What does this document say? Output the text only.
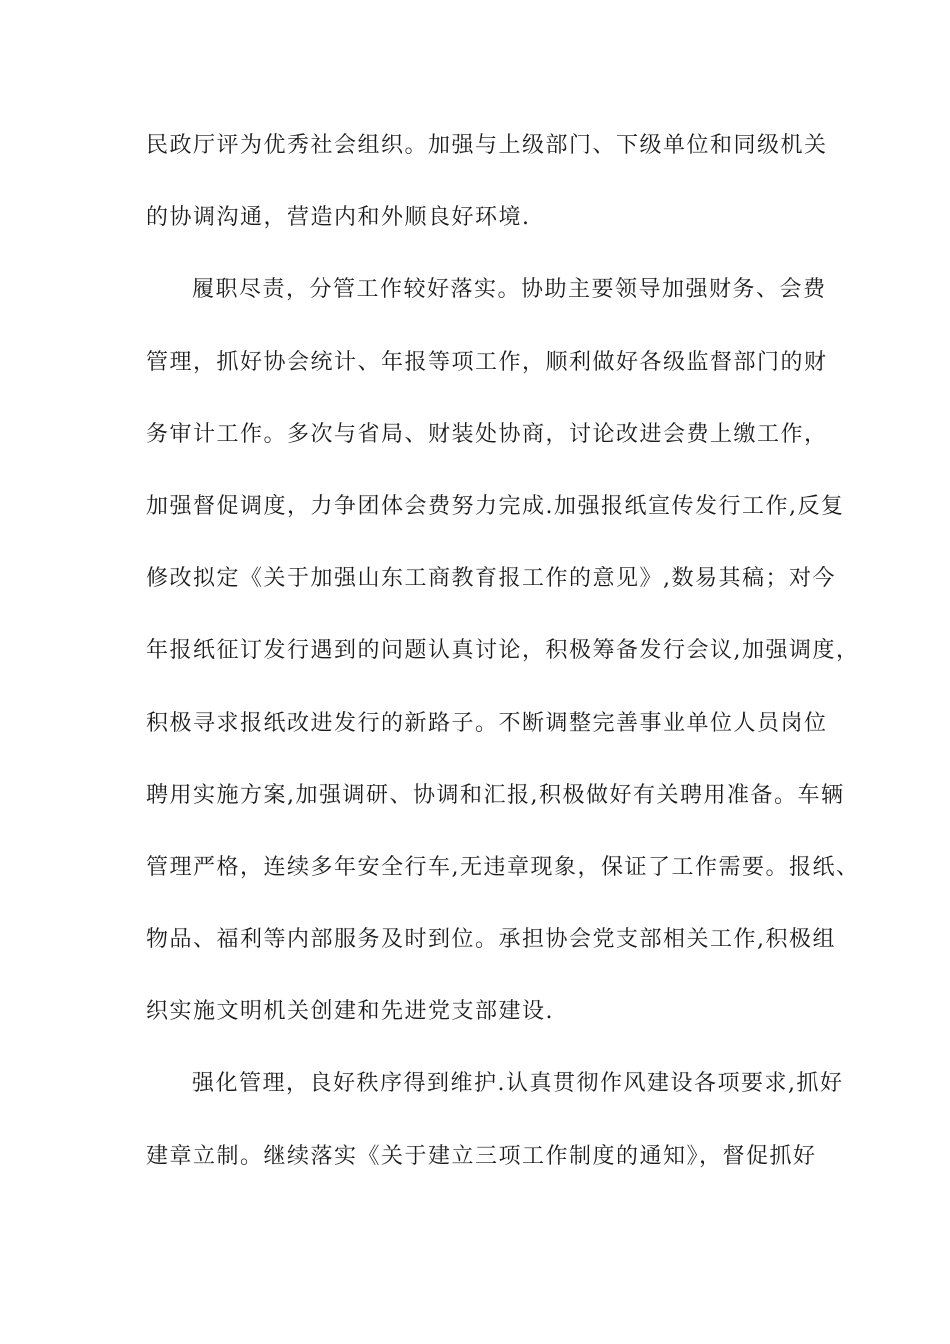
民政厅评为优秀社会组织。加强与上级部门、下级单位和同级机关
的协调沟通，营造内和外顺良好环境.
履职尽责，分管工作较好落实。协助主要领导加强财务、会费
管理，抓好协会统计、年报等项工作，顺利做好各级监督部门的财
务审计工作。多次与省局、财装处协商，讨论改进会费上缴工作，
加强督促调度，力争团体会费努力完成.加强报纸宣传发行工作,反复
修改拟定《关于加强山东工商教育报工作的意见》,数易其稿；对今
年报纸征订发行遇到的问题认真讨论，积极筹备发行会议,加强调度，
积极寻求报纸改进发行的新路子。不断调整完善事业单位人员岗位
聘用实施方案,加强调研、协调和汇报,积极做好有关聘用准备。车辆
管理严格，连续多年安全行车,无违章现象，保证了工作需要。报纸、
物品、福利等内部服务及时到位。承担协会党支部相关工作,积极组
织实施文明机关创建和先进党支部建设.
强化管理，良好秩序得到维护.认真贯彻作风建设各项要求,抓好
建章立制。继续落实《关于建立三项工作制度的通知》，督促抓好
